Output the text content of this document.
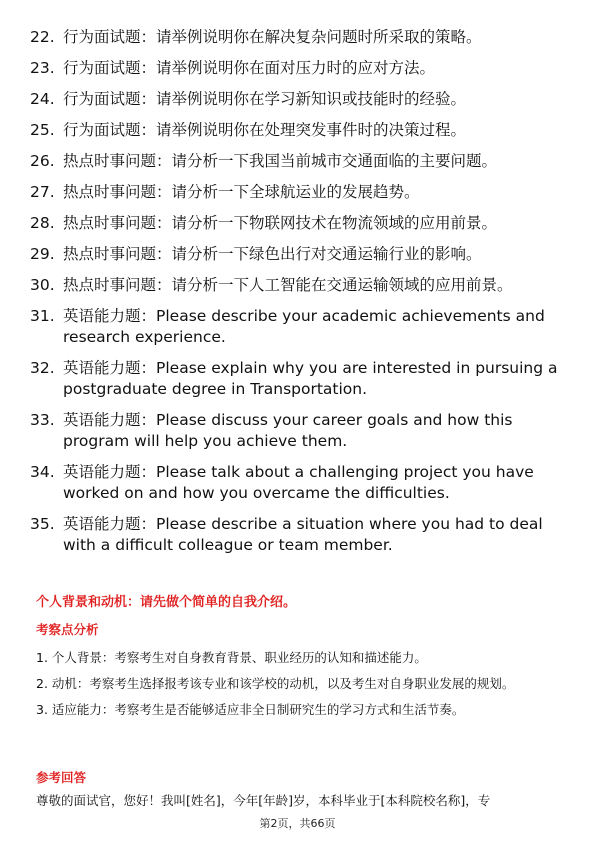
22. 行为面试题：请举例说明你在解决复杂问题时所采取的策略。
23. 行为面试题：请举例说明你在面对压力时的应对方法。
24. 行为面试题：请举例说明你在学习新知识或技能时的经验。
25. 行为面试题：请举例说明你在处理突发事件时的决策过程。
26. 热点时事问题：请分析一下我国当前城市交通面临的主要问题。
27. 热点时事问题：请分析一下全球航运业的发展趋势。
28. 热点时事问题：请分析一下物联网技术在物流领域的应用前景。
29. 热点时事问题：请分析一下绿色出行对交通运输行业的影响。
30. 热点时事问题：请分析一下人工智能在交通运输领域的应用前景。
31. 英语能力题：Please describe your academic achievements and research experience.
32. 英语能力题：Please explain why you are interested in pursuing a postgraduate degree in Transportation.
33. 英语能力题：Please discuss your career goals and how this program will help you achieve them.
34. 英语能力题：Please talk about a challenging project you have worked on and how you overcame the difficulties.
35. 英语能力题：Please describe a situation where you had to deal with a difficult colleague or team member.
个人背景和动机：请先做个简单的自我介绍。
考察点分析
1. 个人背景：考察考生对自身教育背景、职业经历的认知和描述能力。
2. 动机：考察考生选择报考该专业和该学校的动机，以及考生对自身职业发展的规划。
3. 适应能力：考察考生是否能够适应非全日制研究生的学习方式和生活节奏。
参考回答
尊敬的面试官，您好！我叫[姓名]，今年[年龄]岁，本科毕业于[本科院校名称]，专
第2页，共66页
